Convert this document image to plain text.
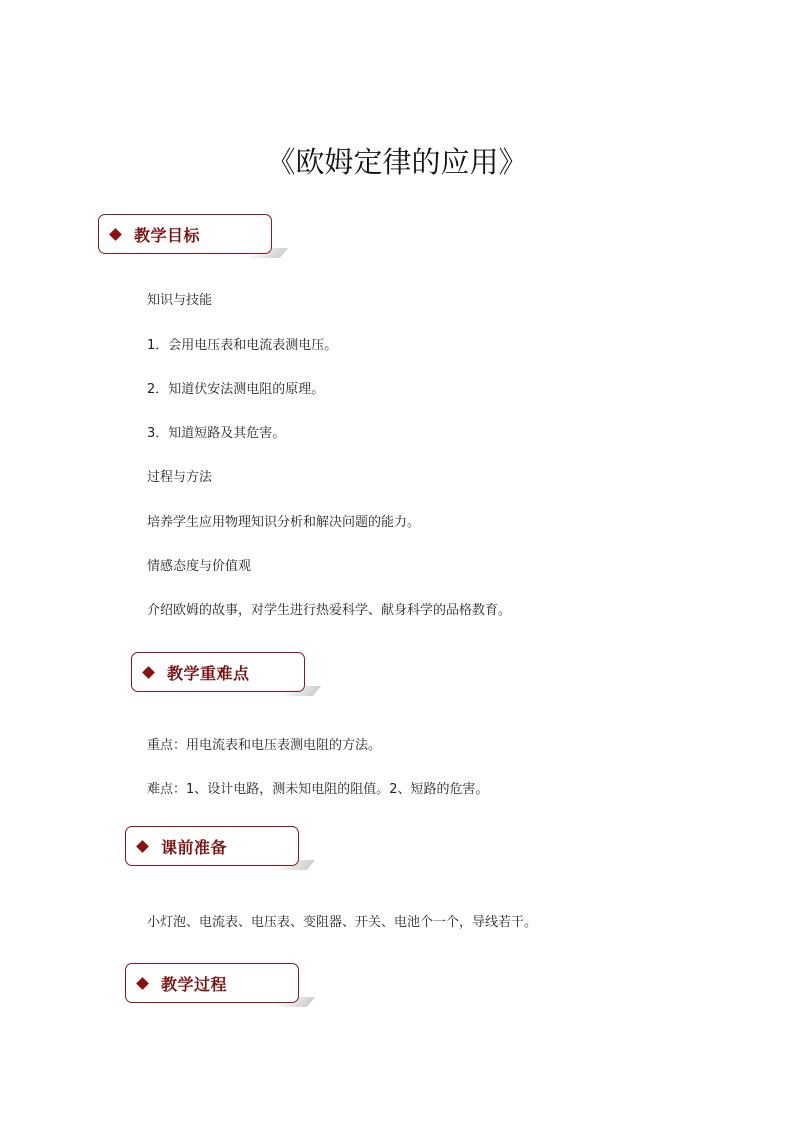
《欧姆定律的应用》
教学目标
知识与技能
1．会用电压表和电流表测电压。
2．知道伏安法测电阻的原理。
3．知道短路及其危害。
过程与方法
培养学生应用物理知识分析和解决问题的能力。
情感态度与价值观
介绍欧姆的故事，对学生进行热爱科学、献身科学的品格教育。
教学重难点
重点：用电流表和电压表测电阻的方法。
难点：1、设计电路，测未知电阻的阻值。2、短路的危害。
课前准备
小灯泡、电流表、电压表、变阻器、开关、电池个一个，导线若干。
教学过程
